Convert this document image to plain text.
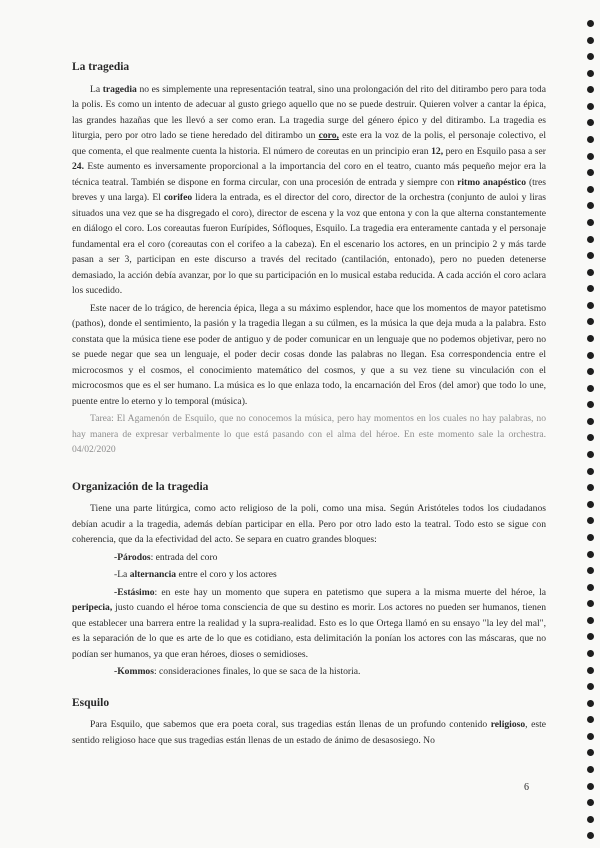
La tragedia

La tragedia no es simplemente una representación teatral, sino una prolongación del rito del ditirambo pero para toda la polis. Es como un intento de adecuar al gusto griego aquello que no se puede destruir. Quieren volver a cantar la épica, las grandes hazañas que les llevó a ser como eran. La tragedia surge del género épico y del ditirambo. La tragedia es liturgia, pero por otro lado se tiene heredado del ditirambo un coro, este era la voz de la polis, el personaje colectivo, el que comenta, el que realmente cuenta la historia. El número de coreutas en un principio eran 12, pero en Esquilo pasa a ser 24. Este aumento es inversamente proporcional a la importancia del coro en el teatro, cuanto más pequeño mejor era la técnica teatral. También se dispone en forma circular, con una procesión de entrada y siempre con ritmo anapéstico (tres breves y una larga). El corifeo lidera la entrada, es el director del coro, director de la orchestra (conjunto de auloi y liras situados una vez que se ha disgregado el coro), director de escena y la voz que entona y con la que alterna constantemente en diálogo el coro. Los coreautas fueron Eurípides, Sófloques, Esquilo. La tragedia era enteramente cantada y el personaje fundamental era el coro (coreautas con el corifeo a la cabeza). En el escenario los actores, en un principio 2 y más tarde pasan a ser 3, participan en este discurso a través del recitado (cantilación, entonado), pero no pueden detenerse demasiado, la acción debía avanzar, por lo que su participación en lo musical estaba reducida. A cada acción el coro aclara los sucedido.

Este nacer de lo trágico, de herencia épica, llega a su máximo esplendor, hace que los momentos de mayor patetismo (pathos), donde el sentimiento, la pasión y la tragedia llegan a su cúlmen, es la música la que deja muda a la palabra. Esto constata que la música tiene ese poder de antiguo y de poder comunicar en un lenguaje que no podemos objetivar, pero no se puede negar que sea un lenguaje, el poder decir cosas donde las palabras no llegan. Esa correspondencia entre el microcosmos y el cosmos, el conocimiento matemático del cosmos, y que a su vez tiene su vinculación con el microcosmos que es el ser humano. La música es lo que enlaza todo, la encarnación del Eros (del amor) que todo lo une, puente entre lo eterno y lo temporal (música).

Tarea: El Agamenón de Esquilo, que no conocemos la música, pero hay momentos en los cuales no hay palabras, no hay manera de expresar verbalmente lo que está pasando con el alma del héroe. En este momento sale la orchestra. 04/02/2020

Organización de la tragedia

Tiene una parte litúrgica, como acto religioso de la poli, como una misa. Según Aristóteles todos los ciudadanos debían acudir a la tragedia, además debían participar en ella. Pero por otro lado esto la teatral. Todo esto se sigue con coherencia, que da la efectividad del acto. Se separa en cuatro grandes bloques:

-Párodos: entrada del coro

-La alternancia entre el coro y los actores

-Estásimo: en este hay un momento que supera en patetismo que supera a la misma muerte del héroe, la peripecia, justo cuando el héroe toma consciencia de que su destino es morir. Los actores no pueden ser humanos, tienen que establecer una barrera entre la realidad y la supra-realidad. Esto es lo que Ortega llamó en su ensayo "la ley del mal", es la separación de lo que es arte de lo que es cotidiano, esta delimitación la ponían los actores con las máscaras, que no podían ser humanos, ya que eran héroes, dioses o semidioses.

-Kommos: consideraciones finales, lo que se saca de la historia.

Esquilo

Para Esquilo, que sabemos que era poeta coral, sus tragedias están llenas de un profundo contenido religioso, este sentido religioso hace que sus tragedias están llenas de un estado de ánimo de desasosiego. No

6
